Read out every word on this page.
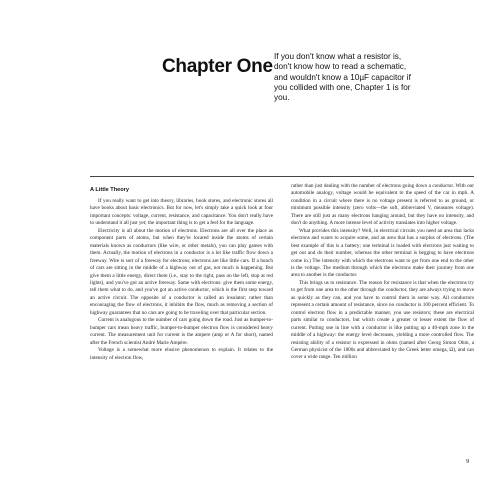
Chapter One If you don't know what a resistor is,
don't know how to read a schematic,
and wouldn't know a 10µF capacitor if
you collided with one, Chapter 1 is for
you.
A Little Theory

If you really want to get into theory, libraries, book stores, and electronic stores all have books about basic electronics. But for now, let's simply take a quick look at four important concepts: voltage, current, resistance, and capacitance. You don't really have to understand it all just yet; the important thing is to get a feel for the language.

Electricity is all about the motion of electrons. Electrons are all over the place as component parts of atoms, but when they're located inside the atoms of certain materials known as conductors (like wire, or other metals), you can play games with them. Actually, the motion of electrons in a conductor is a lot like traffic flow down a freeway. Wire is sort of a freeway for electrons; electrons are like little cars. If a bunch of cars are sitting in the middle of a highway out of gas, not much is happening. But give them a little energy, direct them (i.e., stay to the right, pass on the left, stop at red lights), and you've got an active freeway. Same with electrons: give them some energy, tell them what to do, and you've got an active conductor, which is the first step toward an active circuit. The opposite of a conductor is called an insulator; rather than encouraging the flow of electrons, it inhibits the flow, much as removing a section of highway guarantees that no cars are going to be traveling over that particular section.

Current is analogous to the number of cars going down the road. Just as bumper-to-bumper cars mean heavy traffic, bumper-to-bumper electron flow is considered heavy current. The measurement unit for current is the ampere (amp or A for short), named after the French scientist André Marie Ampère.

Voltage is a somewhat more elusive phenomenon to explain. It relates to the intensity of electron flow,

rather than just dealing with the number of electrons going down a conductor. With our automobile analogy, voltage would be equivalent to the speed of the car in mph. A condition in a circuit where there is no voltage present is referred to as ground, or minimum possible intensity (zero volts—the soft, abbreviated V, measures voltage). There are still just as many electrons hanging around, but they have no intensity, and don't do anything. A more intense level of activity translates into higher voltage.

What provides this intensity? Well, in electrical circuits you need an area that lacks electrons and wants to acquire some, and an area that has a surplus of electrons. (The best example of this is a battery; one terminal is loaded with electrons just waiting to get out and do their number, whereas the other terminal is begging to have electrons come in.) The intensity with which the electrons want to get from one end to the other is the voltage. The medium through which the electrons make their journey from one area to another is the conductor.

This brings us to resistance. The reason for resistance is that when the electrons try to get from one area to the other through the conductor, they are always trying to move as quickly as they can, and you have to control them in some way. All conductors represent a certain amount of resistance, since no conductor is 100 percent efficient. To control electron flow in a predictable manner, you use resistors; these are electrical parts similar to conductors, but which create a greater or lesser extent the flow of current. Putting one in line with a conductor is like putting up a 40-mph zone in the middle of a highway: the energy level decreases, yielding a more controlled flow. The resisting ability of a resistor is expressed in ohms (named after Georg Simon Ohm, a German physicist of the 1800s and abbreviated by the Greek letter omega, Ω), and can cover a wide range. Ten million

9
